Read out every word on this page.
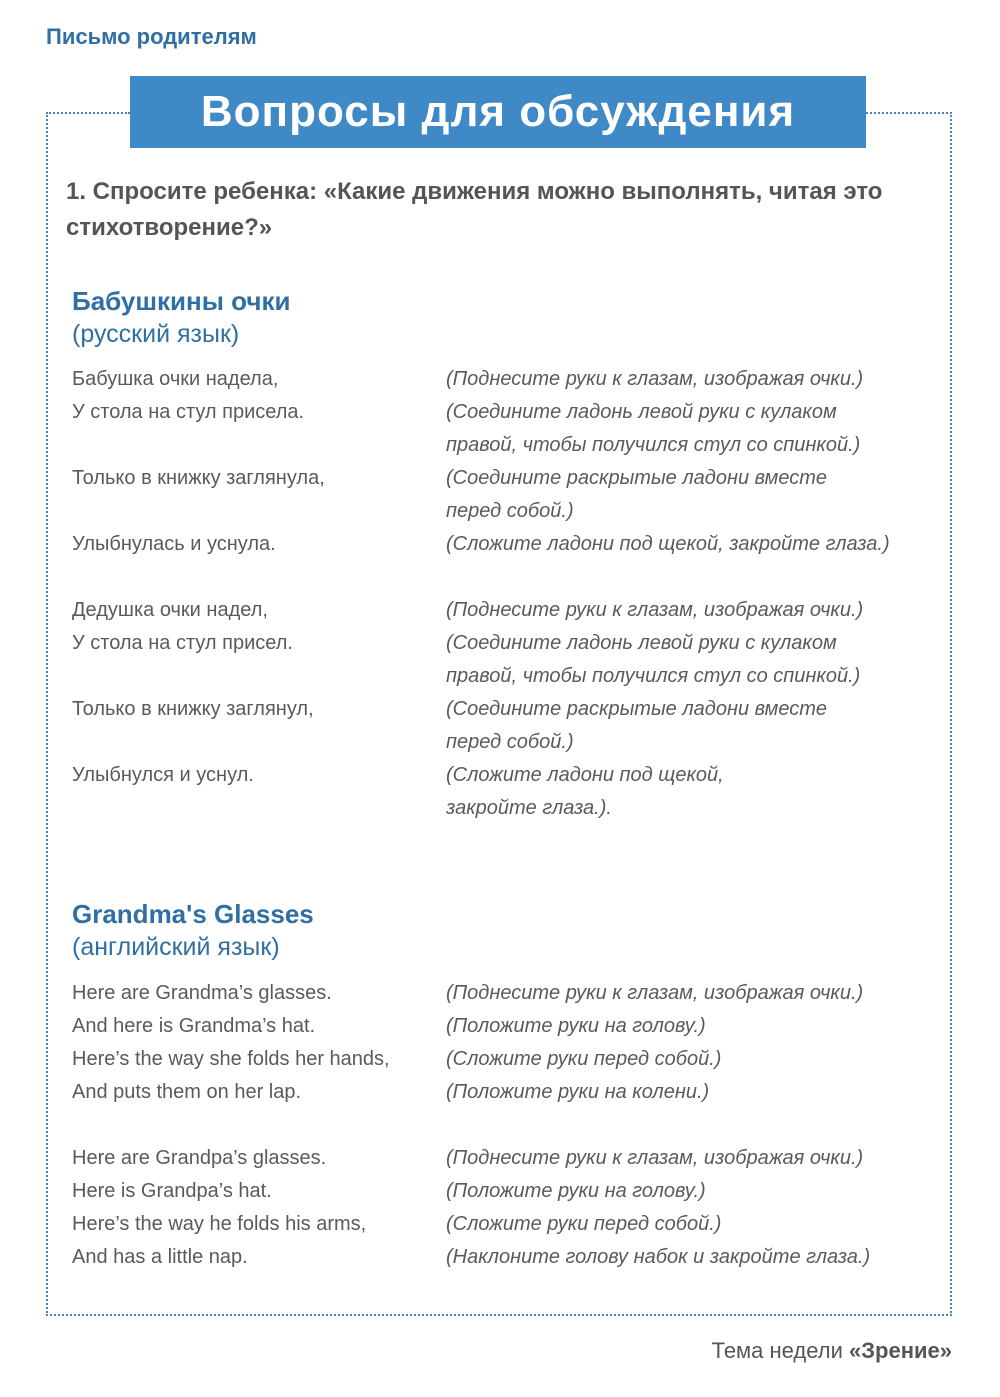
Письмо родителям
Вопросы для обсуждения
1. Спросите ребенка: «Какие движения можно выполнять, читая это стихотворение?»
Бабушкины очки
(русский язык)
Бабушка очки надела,	(Поднесите руки к глазам, изображая очки.)
У стола на стул присела.	(Соедините ладонь левой руки с кулаком
правой, чтобы получился стул со спинкой.)
Только в книжку заглянула,	(Соедините раскрытые ладони вместе
перед собой.)
Улыбнулась и уснула.	(Сложите ладони под щекой, закройте глаза.)
Дедушка очки надел,	(Поднесите руки к глазам, изображая очки.)
У стола на стул присел.	(Соедините ладонь левой руки с кулаком
правой, чтобы получился стул со спинкой.)
Только в книжку заглянул,	(Соедините раскрытые ладони вместе
перед собой.)
Улыбнулся и уснул.	(Сложите ладони под щекой,
закройте глаза.).
Grandma's Glasses
(английский язык)
Here are Grandma’s glasses.	(Поднесите руки к глазам, изображая очки.)
And here is Grandma’s hat.	(Положите руки на голову.)
Here’s the way she folds her hands,	(Сложите руки перед собой.)
And puts them on her lap.	(Положите руки на колени.)
Here are Grandpa’s glasses.	(Поднесите руки к глазам, изображая очки.)
Here is Grandpa’s hat.	(Положите руки на голову.)
Here’s the way he folds his arms,	(Сложите руки перед собой.)
And has a little nap.	(Наклоните голову набок и закройте глаза.)
Тема недели «Зрение»
